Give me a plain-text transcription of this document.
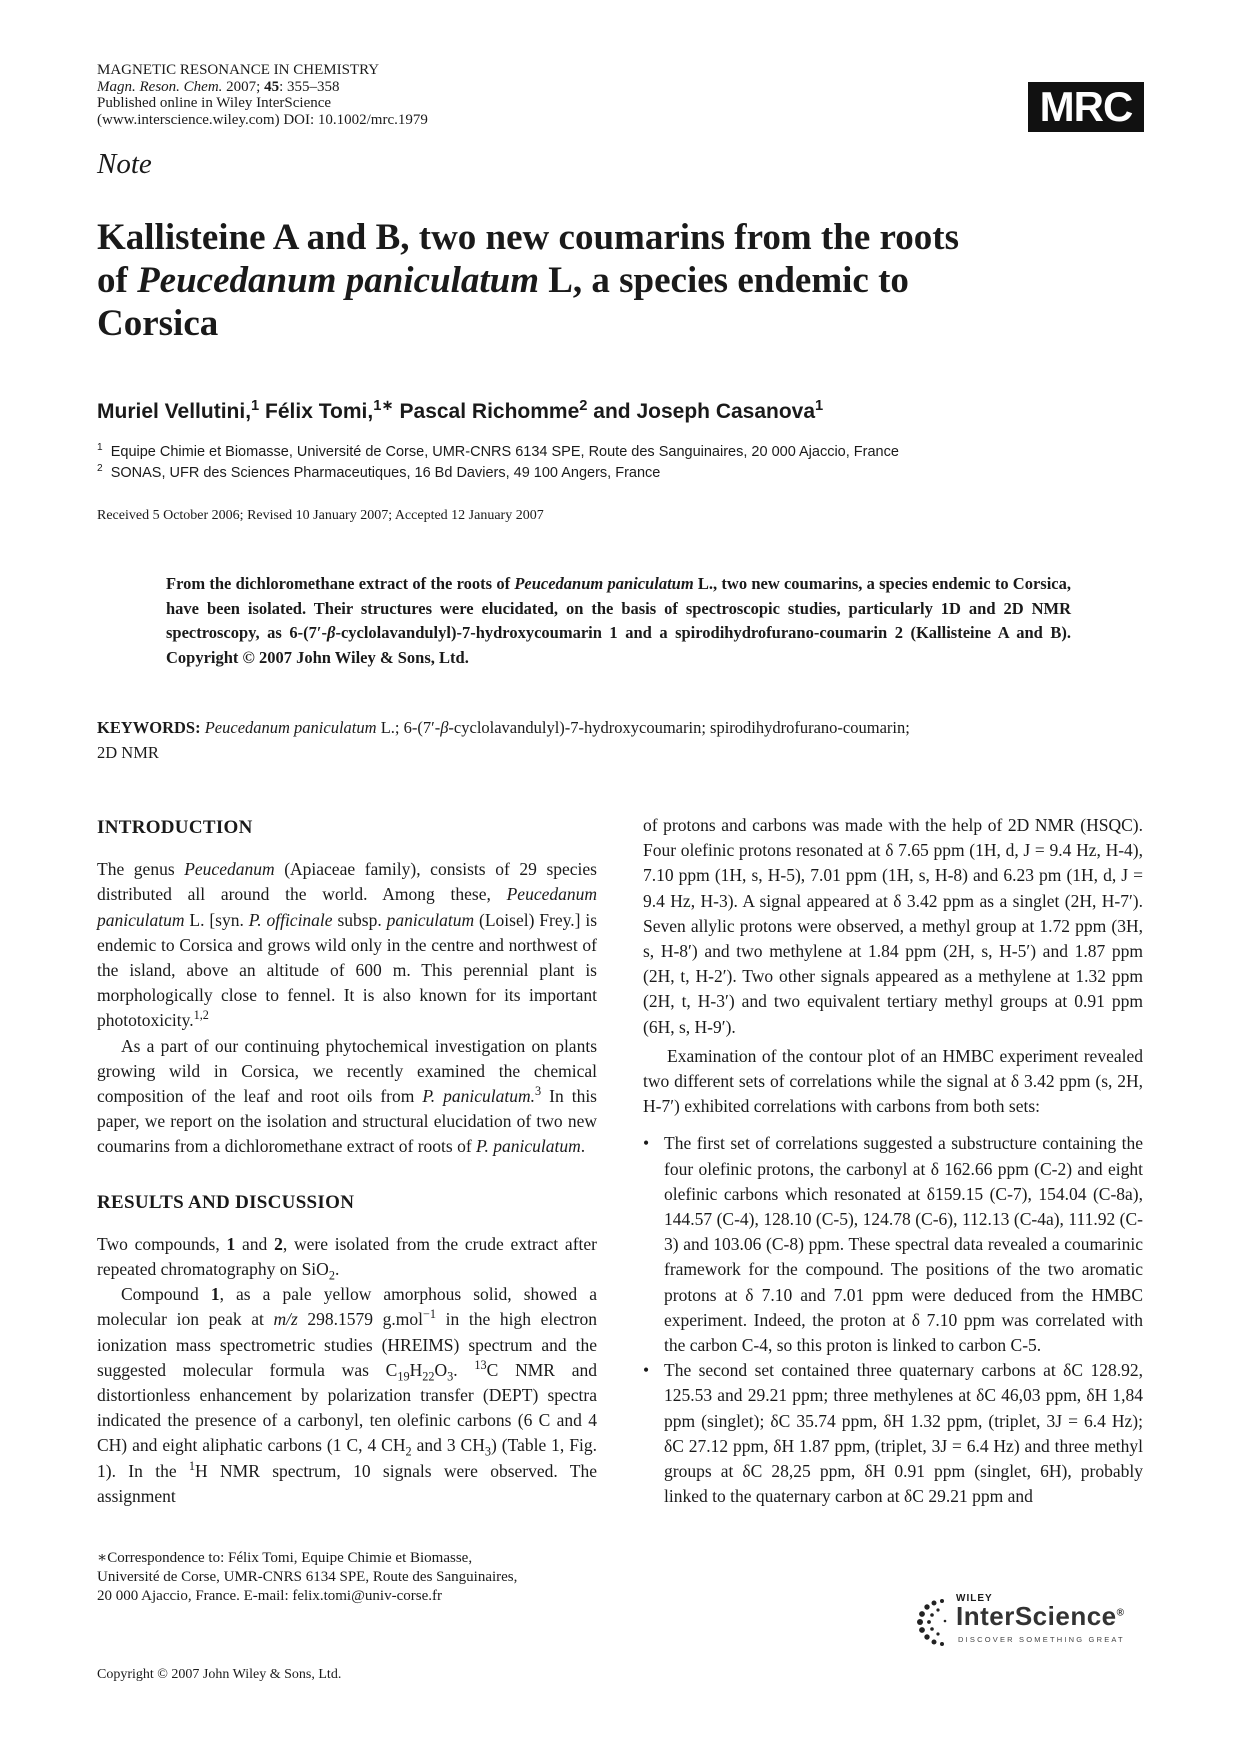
MAGNETIC RESONANCE IN CHEMISTRY
Magn. Reson. Chem. 2007; 45: 355–358
Published online in Wiley InterScience
(www.interscience.wiley.com) DOI: 10.1002/mrc.1979	MRC
Note
Kallisteine A and B, two new coumarins from the roots
of Peucedanum paniculatum L, a species endemic to
Corsica
Muriel Vellutini,$^1$ Félix Tomi,$^{1∗}$ Pascal Richomme$^2$ and Joseph Casanova$^1$
$^1$ Equipe Chimie et Biomasse, Université de Corse, UMR-CNRS 6134 SPE, Route des Sanguinaires, 20 000 Ajaccio, France
$^2$ SONAS, UFR des Sciences Pharmaceutiques, 16 Bd Daviers, 49 100 Angers, France
Received 5 October 2006; Revised 10 January 2007; Accepted 12 January 2007
From the dichloromethane extract of the roots of Peucedanum paniculatum L., two new coumarins, a species endemic to Corsica, have been isolated. Their structures were elucidated, on the basis of spectroscopic studies, particularly 1D and 2D NMR spectroscopy, as 6-(7′-β-cyclolavandulyl)-7-hydroxycoumarin 1 and a spirodihydrofurano-coumarin 2 (Kallisteine A and B). Copyright © 2007 John Wiley & Sons, Ltd.
KEYWORDS: Peucedanum paniculatum L.; 6-(7′-β-cyclolavandulyl)-7-hydroxycoumarin; spirodihydrofurano-coumarin;
2D NMR
INTRODUCTION

The genus Peucedanum (Apiaceae family), consists of 29 species distributed all around the world. Among these, Peucedanum paniculatum L. [syn. P. officinale subsp. paniculatum (Loisel) Frey.] is endemic to Corsica and grows wild only in the centre and northwest of the island, above an altitude of 600 m. This perennial plant is morphologically close to fennel. It is also known for its important phototoxicity.$^{1,2}$

As a part of our continuing phytochemical investigation on plants growing wild in Corsica, we recently examined the chemical composition of the leaf and root oils from P. paniculatum.$^3$ In this paper, we report on the isolation and structural elucidation of two new coumarins from a dichloromethane extract of roots of P. paniculatum.

RESULTS AND DISCUSSION

Two compounds, 1 and 2, were isolated from the crude extract after repeated chromatography on SiO$_2$.

Compound 1, as a pale yellow amorphous solid, showed a molecular ion peak at m/z 298.1579 g.mol$^{-1}$ in the high electron ionization mass spectrometric studies (HREIMS) spectrum and the suggested molecular formula was $C_{19}H_{22}O_3$. $^{13}$C NMR and distortionless enhancement by polarization transfer (DEPT) spectra indicated the presence of a carbonyl, ten olefinic carbons (6 C and 4 CH) and eight aliphatic carbons (1 C, 4 $CH_2$ and 3 $CH_3$) (Table 1, Fig. 1). In the $^1$H NMR spectrum, 10 signals were observed. The assignment

of protons and carbons was made with the help of 2D NMR (HSQC). Four olefinic protons resonated at δ 7.65 ppm (1H, d, J = 9.4 Hz, H-4), 7.10 ppm (1H, s, H-5), 7.01 ppm (1H, s, H-8) and 6.23 pm (1H, d, J = 9.4 Hz, H-3). A signal appeared at δ 3.42 ppm as a singlet (2H, H-7′). Seven allylic protons were observed, a methyl group at 1.72 ppm (3H, s, H-8′) and two methylene at 1.84 ppm (2H, s, H-5′) and 1.87 ppm (2H, t, H-2′). Two other signals appeared as a methylene at 1.32 ppm (2H, t, H-3′) and two equivalent tertiary methyl groups at 0.91 ppm (6H, s, H-9′).

Examination of the contour plot of an HMBC experiment revealed two different sets of correlations while the signal at δ 3.42 ppm (s, 2H, H-7′) exhibited correlations with carbons from both sets:

• The first set of correlations suggested a substructure containing the four olefinic protons, the carbonyl at δ 162.66 ppm (C-2) and eight olefinic carbons which resonated at δ159.15 (C-7), 154.04 (C-8a), 144.57 (C-4), 128.10 (C-5), 124.78 (C-6), 112.13 (C-4a), 111.92 (C-3) and 103.06 (C-8) ppm. These spectral data revealed a coumarinic framework for the compound. The positions of the two aromatic protons at δ 7.10 and 7.01 ppm were deduced from the HMBC experiment. Indeed, the proton at δ 7.10 ppm was correlated with the carbon C-4, so this proton is linked to carbon C-5.

• The second set contained three quaternary carbons at δC 128.92, 125.53 and 29.21 ppm; three methylenes at δC 46,03 ppm, δH 1,84 ppm (singlet); δC 35.74 ppm, δH 1.32 ppm, (triplet, 3J = 6.4 Hz); δC 27.12 ppm, δH 1.87 ppm, (triplet, 3J = 6.4 Hz) and three methyl groups at δC 28,25 ppm, δH 0.91 ppm (singlet, 6H), probably linked to the quaternary carbon at δC 29.21 ppm and

∗Correspondence to: Félix Tomi, Equipe Chimie et Biomasse,
Université de Corse, UMR-CNRS 6134 SPE, Route des Sanguinaires,
20 000 Ajaccio, France. E-mail: felix.tomi@univ-corse.fr
Copyright © 2007 John Wiley & Sons, Ltd.
WILEY
InterScience®
DISCOVER SOMETHING GREAT
